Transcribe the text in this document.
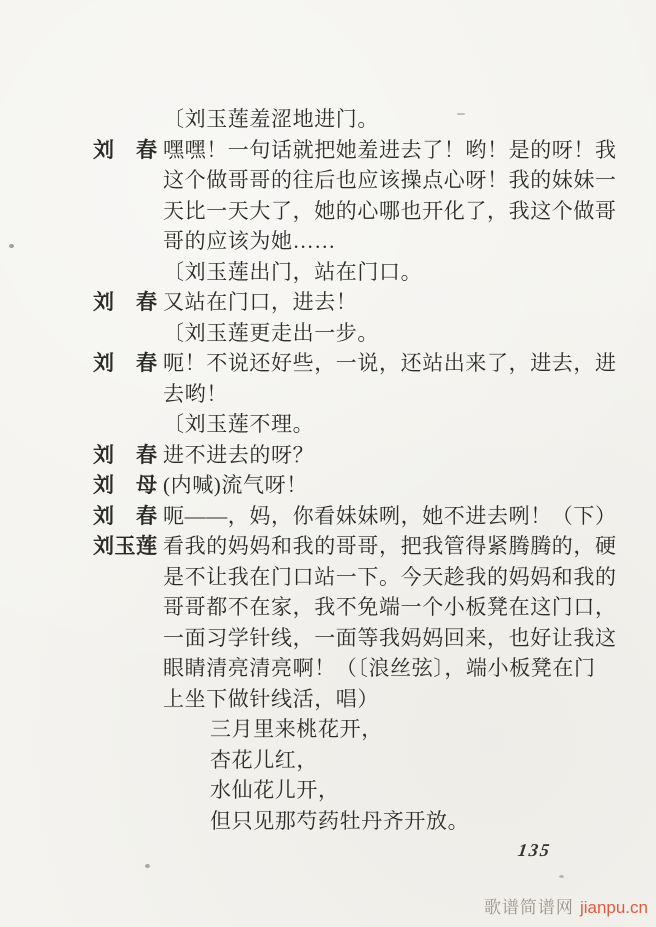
〔刘玉莲羞涩地进门。
刘　春 嘿嘿！一句话就把她羞进去了！哟！是的呀！我
这个做哥哥的往后也应该操点心呀！我的妹妹一
天比一天大了，她的心哪也开化了，我这个做哥
哥的应该为她……
〔刘玉莲出门，站在门口。
刘　春 又站在门口，进去！
〔刘玉莲更走出一步。
刘　春 呃！不说还好些，一说，还站出来了，进去，进
去哟！
〔刘玉莲不理。
刘　春 进不进去的呀？
刘　母 (内喊)流气呀！
刘　春 呃——，妈，你看妹妹咧，她不进去咧！（下）
刘玉莲 看我的妈妈和我的哥哥，把我管得紧腾腾的，硬
是不让我在门口站一下。今天趁我的妈妈和我的
哥哥都不在家，我不免端一个小板凳在这门口，
一面习学针线，一面等我妈妈回来，也好让我这
眼睛清亮清亮啊！（〔浪丝弦〕，端小板凳在门
上坐下做针线活，唱）
三月里来桃花开，
杏花儿红，
水仙花儿开，
但只见那芍药牡丹齐开放。
135
歌谱简谱网 jianpu.cn
